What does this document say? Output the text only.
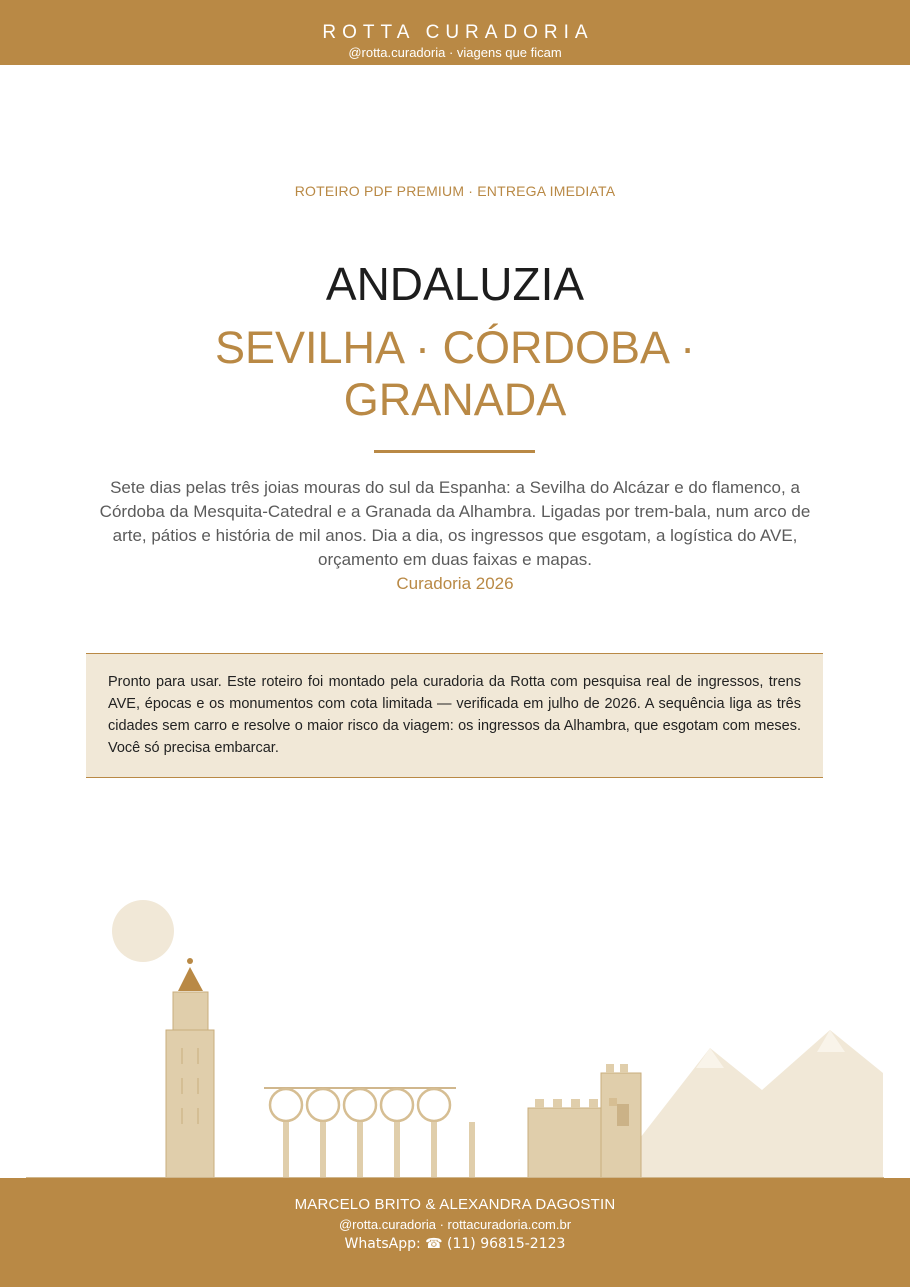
ROTTA CURADORIA
@rotta.curadoria · viagens que ficam
ROTEIRO PDF PREMIUM · ENTREGA IMEDIATA
ANDALUZIA
SEVILHA · CÓRDOBA · GRANADA
Sete dias pelas três joias mouras do sul da Espanha: a Sevilha do Alcázar e do flamenco, a Córdoba da Mesquita-Catedral e a Granada da Alhambra. Ligadas por trem-bala, num arco de arte, pátios e história de mil anos. Dia a dia, os ingressos que esgotam, a logística do AVE, orçamento em duas faixas e mapas.
Curadoria 2026

Pronto para usar. Este roteiro foi montado pela curadoria da Rotta com pesquisa real de ingressos, trens AVE, épocas e os monumentos com cota limitada — verificada em julho de 2026. A sequência liga as três cidades sem carro e resolve o maior risco da viagem: os ingressos da Alhambra, que esgotam com meses. Você só precisa embarcar.

MARCELO BRITO & ALEXANDRA DAGOSTIN
@rotta.curadoria · rottacuradoria.com.br
WhatsApp: ☎ (11) 96815-2123
